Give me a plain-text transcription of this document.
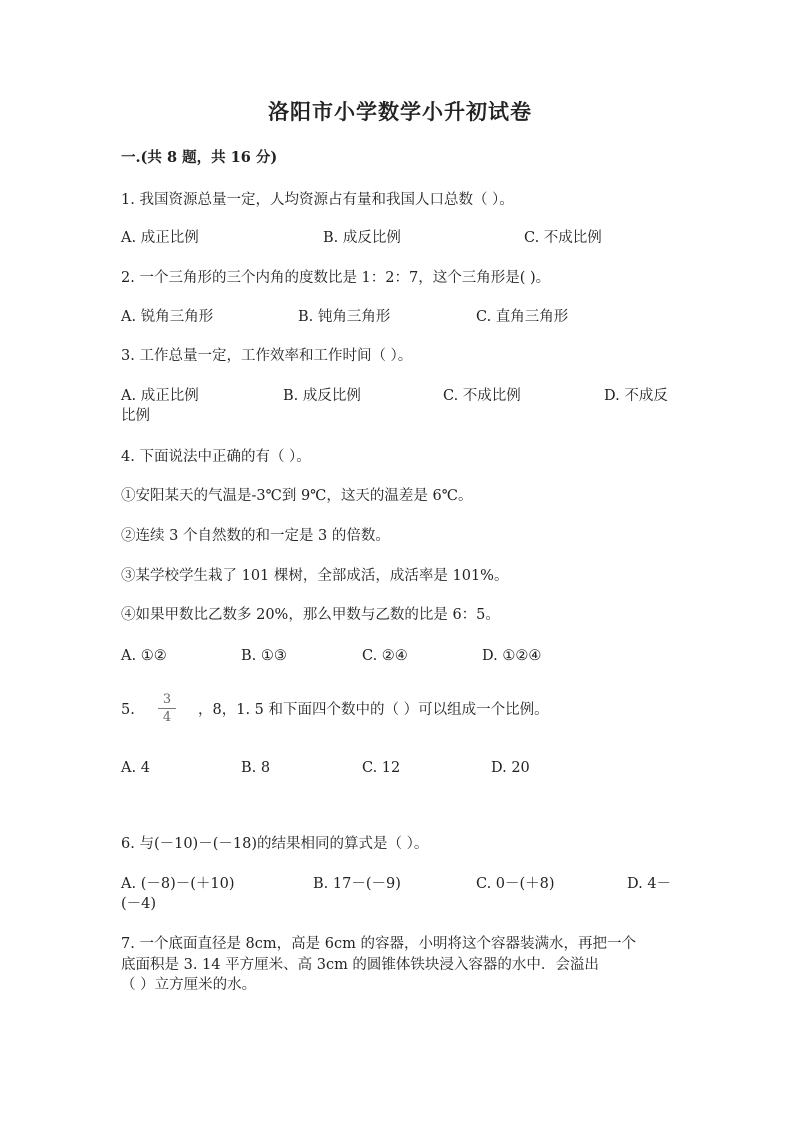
洛阳市小学数学小升初试卷
一.(共 8 题，共 16 分)
1. 我国资源总量一定，人均资源占有量和我国人口总数（ ）。
A. 成正比例	B. 成反比例	C. 不成比例
2. 一个三角形的三个内角的度数比是 1：2：7，这个三角形是( )。
A. 锐角三角形	B. 钝角三角形	C. 直角三角形
3. 工作总量一定，工作效率和工作时间（ ）。
A. 成正比例	B. 成反比例	C. 不成比例	D. 不成反
比例
4. 下面说法中正确的有（ ）。
①安阳某天的气温是-3℃到 9℃，这天的温差是 6℃。
②连续 3 个自然数的和一定是 3 的倍数。
③某学校学生栽了 101 棵树，全部成活，成活率是 101%。
④如果甲数比乙数多 20%，那么甲数与乙数的比是 6：5。
A. ①②	B. ①③	C. ②④	D. ①②④
5.
3
4	，8，1. 5 和下面四个数中的（ ）可以组成一个比例。
A. 4	B. 8	C. 12	D. 20
6. 与(－10)－(－18)的结果相同的算式是（ ）。
A. (－8)－(＋10)	B. 17－(－9)	C. 0－(＋8)	D. 4－
(－4)
7. 一个底面直径是 8cm，高是 6cm 的容器，小明将这个容器装满水，再把一个
底面积是 3. 14 平方厘米、高 3cm 的圆锥体铁块浸入容器的水中．会溢出
（ ）立方厘米的水。
